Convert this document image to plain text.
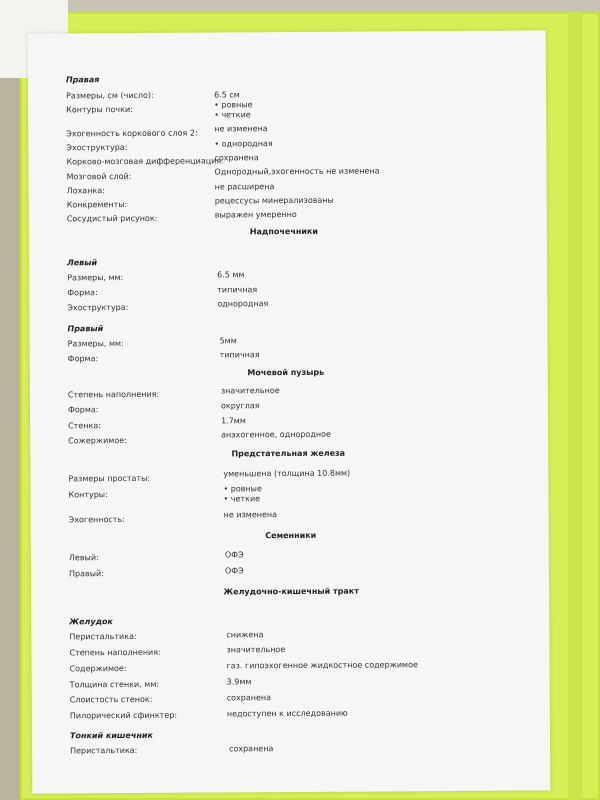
Правая
Размеры, см (число):	6.5 см
Контуры почки:
• ровные
• четкие
Эхогенность коркового слоя 2: не изменена
Эхоструктура:	• однородная
Корково-мозговая дифференциация:
сохранена
Мозговой слой:
Однородный,эхогенность не изменена
Лоханка:	не расширена
Конкременты:	рецессусы минерализованы
Сосудистый рисунок:	выражен умеренно
Надпочечники
Левый
Размеры, мм:	6.5 мм
Форма:	типичная
Эхоструктура:	однородная
Правый
Размеры, мм:	5мм
Форма:	типичная
Мочевой пузырь
Степень наполнения:	значительное
Форма:	округлая
Стенка:
1.7мм
Сожержимое:
анэхогенное, однородное
Предстательная железа
Размеры простаты:
уменьшена (толщина 10.8мм)
Контуры:
• ровные
• четкие
Эхогенность:
не изменена
Семенники
Левый:	ОФЭ
Правый:	ОФЭ
Желудочно-кишечный тракт
Желудок
Перистальтика:	снижена
Степень наполнения:	значительное
Содержимое:	газ. гипоэхогенное жидкостное содержимое
Толщина стенки, мм:	3.9мм
Слоистость стенок:	сохранена
Пилорический сфинктер:	недоступен к исследованию
Тонкий кишечник
Перистальтика:	сохранена
